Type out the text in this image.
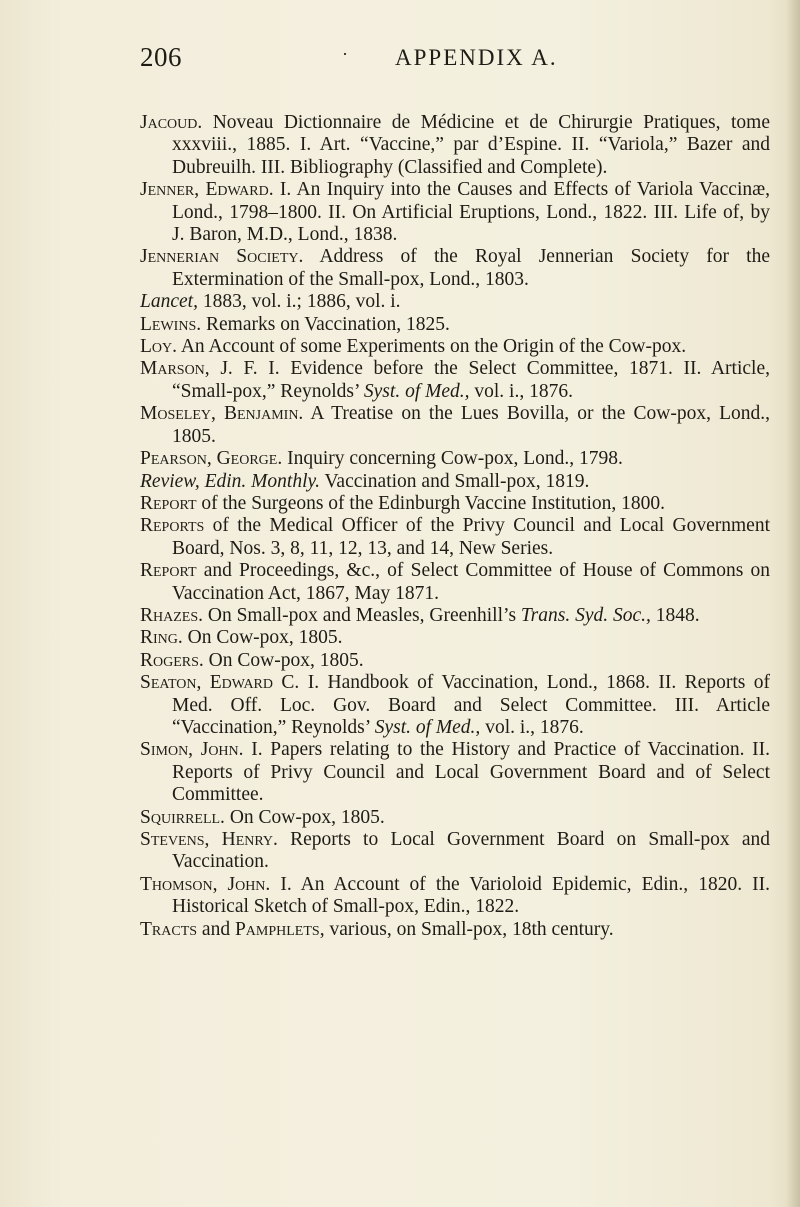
206	· APPENDIX A.
Jacoud. Noveau Dictionnaire de Médicine et de Chirurgie Pratiques, tome xxxviii., 1885. I. Art. “Vaccine,” par d’Espine. II. “Variola,” Bazer and Dubreuilh. III. Bibliography (Classified and Complete).
Jenner, Edward. I. An Inquiry into the Causes and Effects of Variola Vaccinæ, Lond., 1798–1800. II. On Artificial Eruptions, Lond., 1822. III. Life of, by J. Baron, M.D., Lond., 1838.
Jennerian Society. Address of the Royal Jennerian Society for the Extermination of the Small-pox, Lond., 1803.
Lancet, 1883, vol. i.; 1886, vol. i.
Lewins. Remarks on Vaccination, 1825.
Loy. An Account of some Experiments on the Origin of the Cow-pox.
Marson, J. F. I. Evidence before the Select Committee, 1871. II. Article, “Small-pox,” Reynolds’ Syst. of Med., vol. i., 1876.
Moseley, Benjamin. A Treatise on the Lues Bovilla, or the Cow-pox, Lond., 1805.
Pearson, George. Inquiry concerning Cow-pox, Lond., 1798.
Review, Edin. Monthly. Vaccination and Small-pox, 1819.
Report of the Surgeons of the Edinburgh Vaccine Institution, 1800.
Reports of the Medical Officer of the Privy Council and Local Government Board, Nos. 3, 8, 11, 12, 13, and 14, New Series.
Report and Proceedings, &c., of Select Committee of House of Commons on Vaccination Act, 1867, May 1871.
Rhazes. On Small-pox and Measles, Greenhill’s Trans. Syd. Soc., 1848.
Ring. On Cow-pox, 1805.
Rogers. On Cow-pox, 1805.
Seaton, Edward C. I. Handbook of Vaccination, Lond., 1868. II. Reports of Med. Off. Loc. Gov. Board and Select Committee. III. Article “Vaccination,” Reynolds’ Syst. of Med., vol. i., 1876.
Simon, John. I. Papers relating to the History and Practice of Vaccination. II. Reports of Privy Council and Local Government Board and of Select Committee.
Squirrell. On Cow-pox, 1805.
Stevens, Henry. Reports to Local Government Board on Small-pox and Vaccination.
Thomson, John. I. An Account of the Varioloid Epidemic, Edin., 1820. II. Historical Sketch of Small-pox, Edin., 1822.
Tracts and Pamphlets, various, on Small-pox, 18th century.
